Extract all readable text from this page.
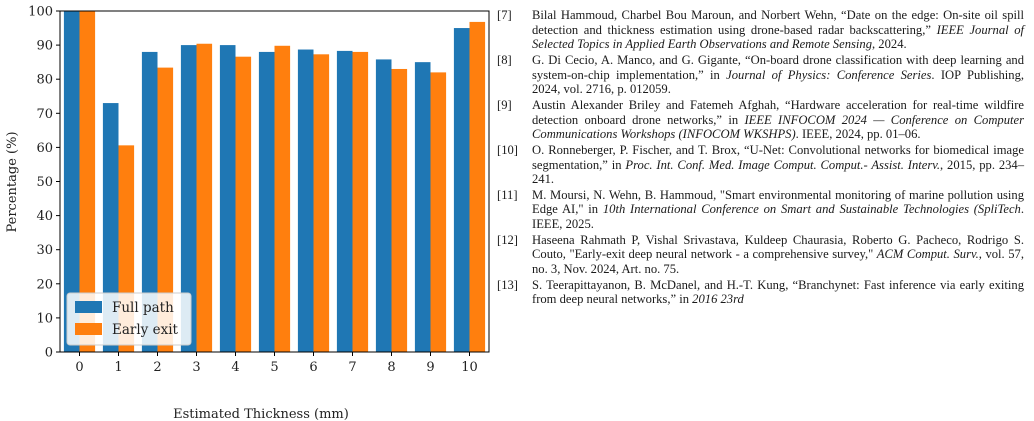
0
10
20
30
40
50
60
70
80
90
100
0 1 2 3 4 5 6 7 8 9 10
Full path
Early exit
Estimated Thickness (mm)
Percentage (%)
[7]	Bilal Hammoud, Charbel Bou Maroun, and Norbert Wehn, “Date on the edge: On-site oil spill detection and thickness estimation using drone-based radar backscattering,” IEEE Journal of Selected Topics in Applied Earth Observations and Remote Sensing, 2024.
[8]	G. Di Cecio, A. Manco, and G. Gigante, “On-board drone classification with deep learning and system-on-chip implementation,” in Journal of Physics: Conference Series. IOP Publishing, 2024, vol. 2716, p. 012059.
[9]	Austin Alexander Briley and Fatemeh Afghah, “Hardware acceleration for real-time wildfire detection onboard drone networks,” in IEEE INFOCOM 2024 — Conference on Computer Communications Workshops (INFOCOM WKSHPS). IEEE, 2024, pp. 01–06.
[10]	O. Ronneberger, P. Fischer, and T. Brox, “U-Net: Convolutional networks for biomedical image segmentation,” in Proc. Int. Conf. Med. Image Comput. Comput.- Assist. Interv., 2015, pp. 234–241.
[11]	M. Moursi, N. Wehn, B. Hammoud, "Smart environmental monitoring of marine pollution using Edge AI," in 10th International Conference on Smart and Sustainable Technologies (SpliTech. IEEE, 2025.
[12]	Haseena Rahmath P, Vishal Srivastava, Kuldeep Chaurasia, Roberto G. Pacheco, Rodrigo S. Couto, "Early-exit deep neural network - a comprehensive survey," ACM Comput. Surv., vol. 57, no. 3, Nov. 2024, Art. no. 75.
[13]	S. Teerapittayanon, B. McDanel, and H.-T. Kung, “Branchynet: Fast inference via early exiting from deep neural networks,” in 2016 23rd
